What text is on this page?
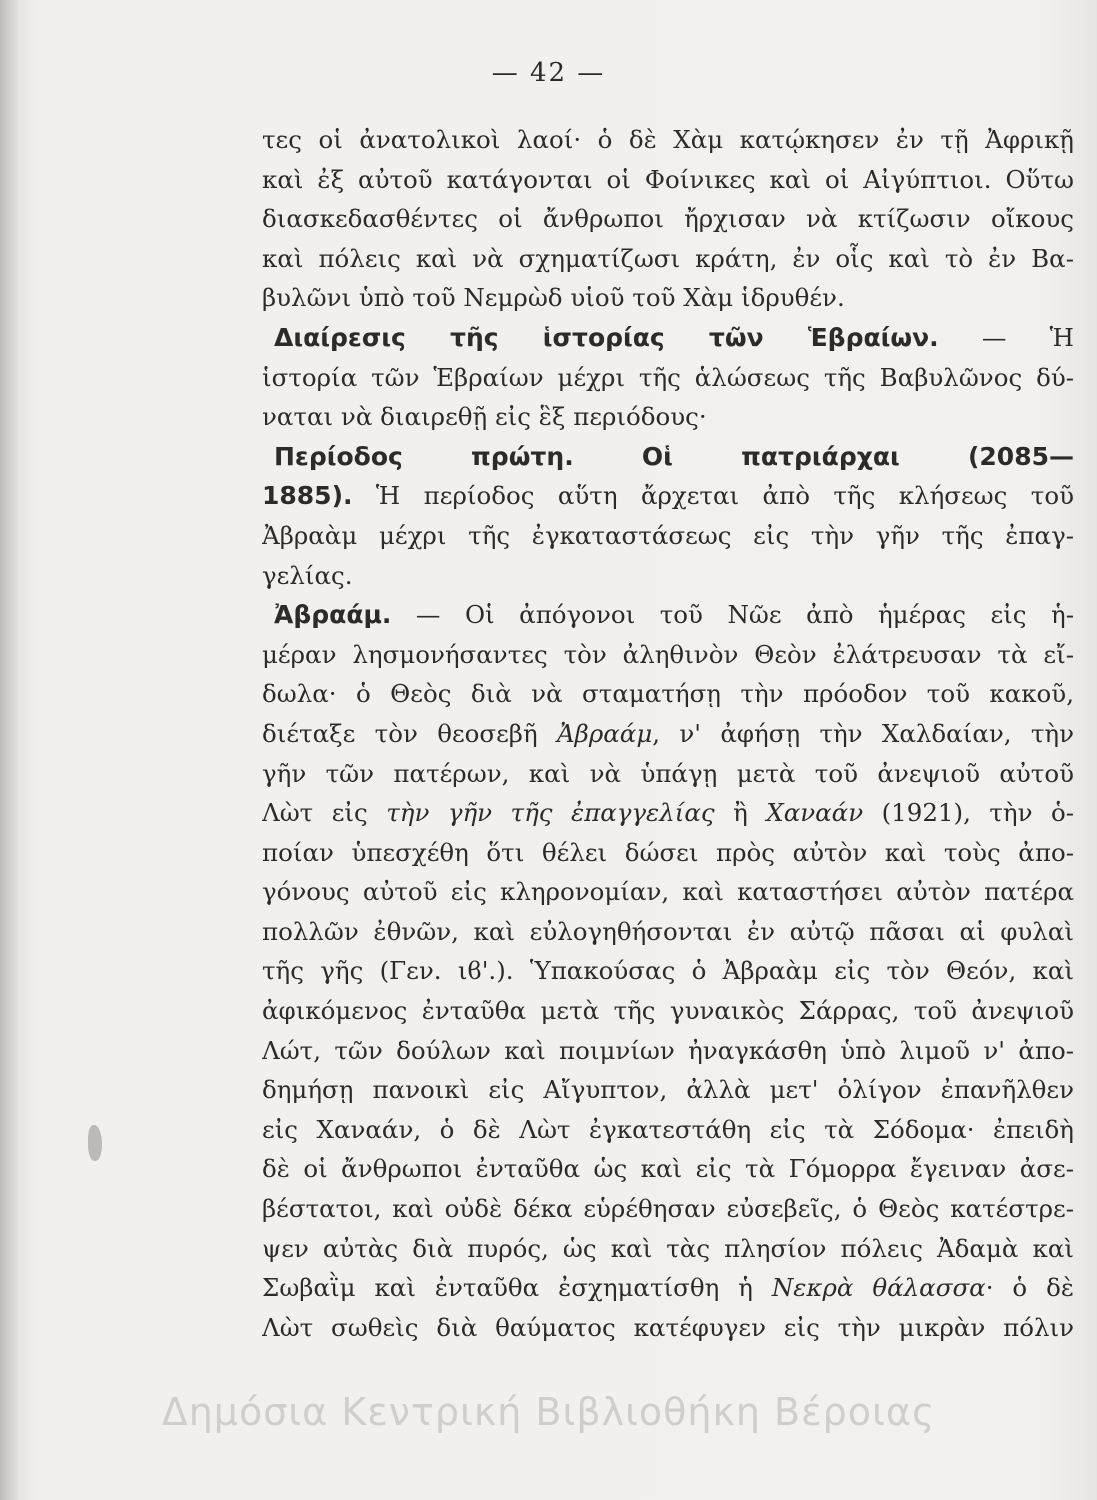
— 42 —
τες οἱ ἀνατολικοὶ λαοί· ὁ δὲ Χὰμ κατῴκησεν ἐν τῇ Ἀφρικῇ
καὶ ἐξ αὐτοῦ κατάγονται οἱ Φοίνικες καὶ οἱ Αἰγύπτιοι. Οὕτω
διασκεδασθέντες οἱ ἄνθρωποι ἤρχισαν νὰ κτίζωσιν οἴκους
καὶ πόλεις καὶ νὰ σχηματίζωσι κράτη, ἐν οἷς καὶ τὸ ἐν Βα-
βυλῶνι ὑπὸ τοῦ Νεμρὼδ υἱοῦ τοῦ Χὰμ ἱδρυθέν.
Διαίρεσις τῆς ἱστορίας τῶν Ἑβραίων. — Ἡ
ἱστορία τῶν Ἑβραίων μέχρι τῆς ἁλώσεως τῆς Βαβυλῶνος δύ-
ναται νὰ διαιρεθῇ εἰς ἓξ περιόδους·
Περίοδος πρώτη. Οἱ πατριάρχαι (2085—
1885). Ἡ περίοδος αὕτη ἄρχεται ἀπὸ τῆς κλήσεως τοῦ
Ἀβραὰμ μέχρι τῆς ἐγκαταστάσεως εἰς τὴν γῆν τῆς ἐπαγ-
γελίας.
Ἀβραάμ. — Οἱ ἀπόγονοι τοῦ Νῶε ἀπὸ ἡμέρας εἰς ἡ-
μέραν λησμονήσαντες τὸν ἀληθινὸν Θεὸν ἐλάτρευσαν τὰ εἴ-
δωλα· ὁ Θεὸς διὰ νὰ σταματήσῃ τὴν πρόοδον τοῦ κακοῦ,
διέταξε τὸν θεοσεβῆ Ἀβραάμ, ν' ἀφήσῃ τὴν Χαλδαίαν, τὴν
γῆν τῶν πατέρων, καὶ νὰ ὑπάγῃ μετὰ τοῦ ἀνεψιοῦ αὐτοῦ
Λὼτ εἰς τὴν γῆν τῆς ἐπαγγελίας ἢ Χαναάν (1921), τὴν ὁ-
ποίαν ὑπεσχέθη ὅτι θέλει δώσει πρὸς αὐτὸν καὶ τοὺς ἀπο-
γόνους αὐτοῦ εἰς κληρονομίαν, καὶ καταστήσει αὐτὸν πατέρα
πολλῶν ἐθνῶν, καὶ εὐλογηθήσονται ἐν αὐτῷ πᾶσαι αἱ φυλαὶ
τῆς γῆς (Γεν. ιϐ'.). Ὑπακούσας ὁ Ἀβραὰμ εἰς τὸν Θεόν, καὶ
ἀφικόμενος ἐνταῦθα μετὰ τῆς γυναικὸς Σάρρας, τοῦ ἀνεψιοῦ
Λώτ, τῶν δούλων καὶ ποιμνίων ἠναγκάσθη ὑπὸ λιμοῦ ν' ἀπο-
δημήσῃ πανοικὶ εἰς Αἴγυπτον, ἀλλὰ μετ' ὀλίγον ἐπανῆλθεν
εἰς Χαναάν, ὁ δὲ Λὼτ ἐγκατεστάθη εἰς τὰ Σόδομα· ἐπειδὴ
δὲ οἱ ἄνθρωποι ἐνταῦθα ὡς καὶ εἰς τὰ Γόμορρα ἔγειναν ἀσε-
βέστατοι, καὶ οὐδὲ δέκα εὑρέθησαν εὐσεβεῖς, ὁ Θεὸς κατέστρε-
ψεν αὐτὰς διὰ πυρός, ὡς καὶ τὰς πλησίον πόλεις Ἀδαμὰ καὶ
Σωβαῒμ καὶ ἐνταῦθα ἐσχηματίσθη ἡ Νεκρὰ θάλασσα· ὁ δὲ
Λὼτ σωθεὶς διὰ θαύματος κατέφυγεν εἰς τὴν μικρὰν πόλιν
Δημόσια Κεντρική Βιβλιοθήκη Βέροιας
